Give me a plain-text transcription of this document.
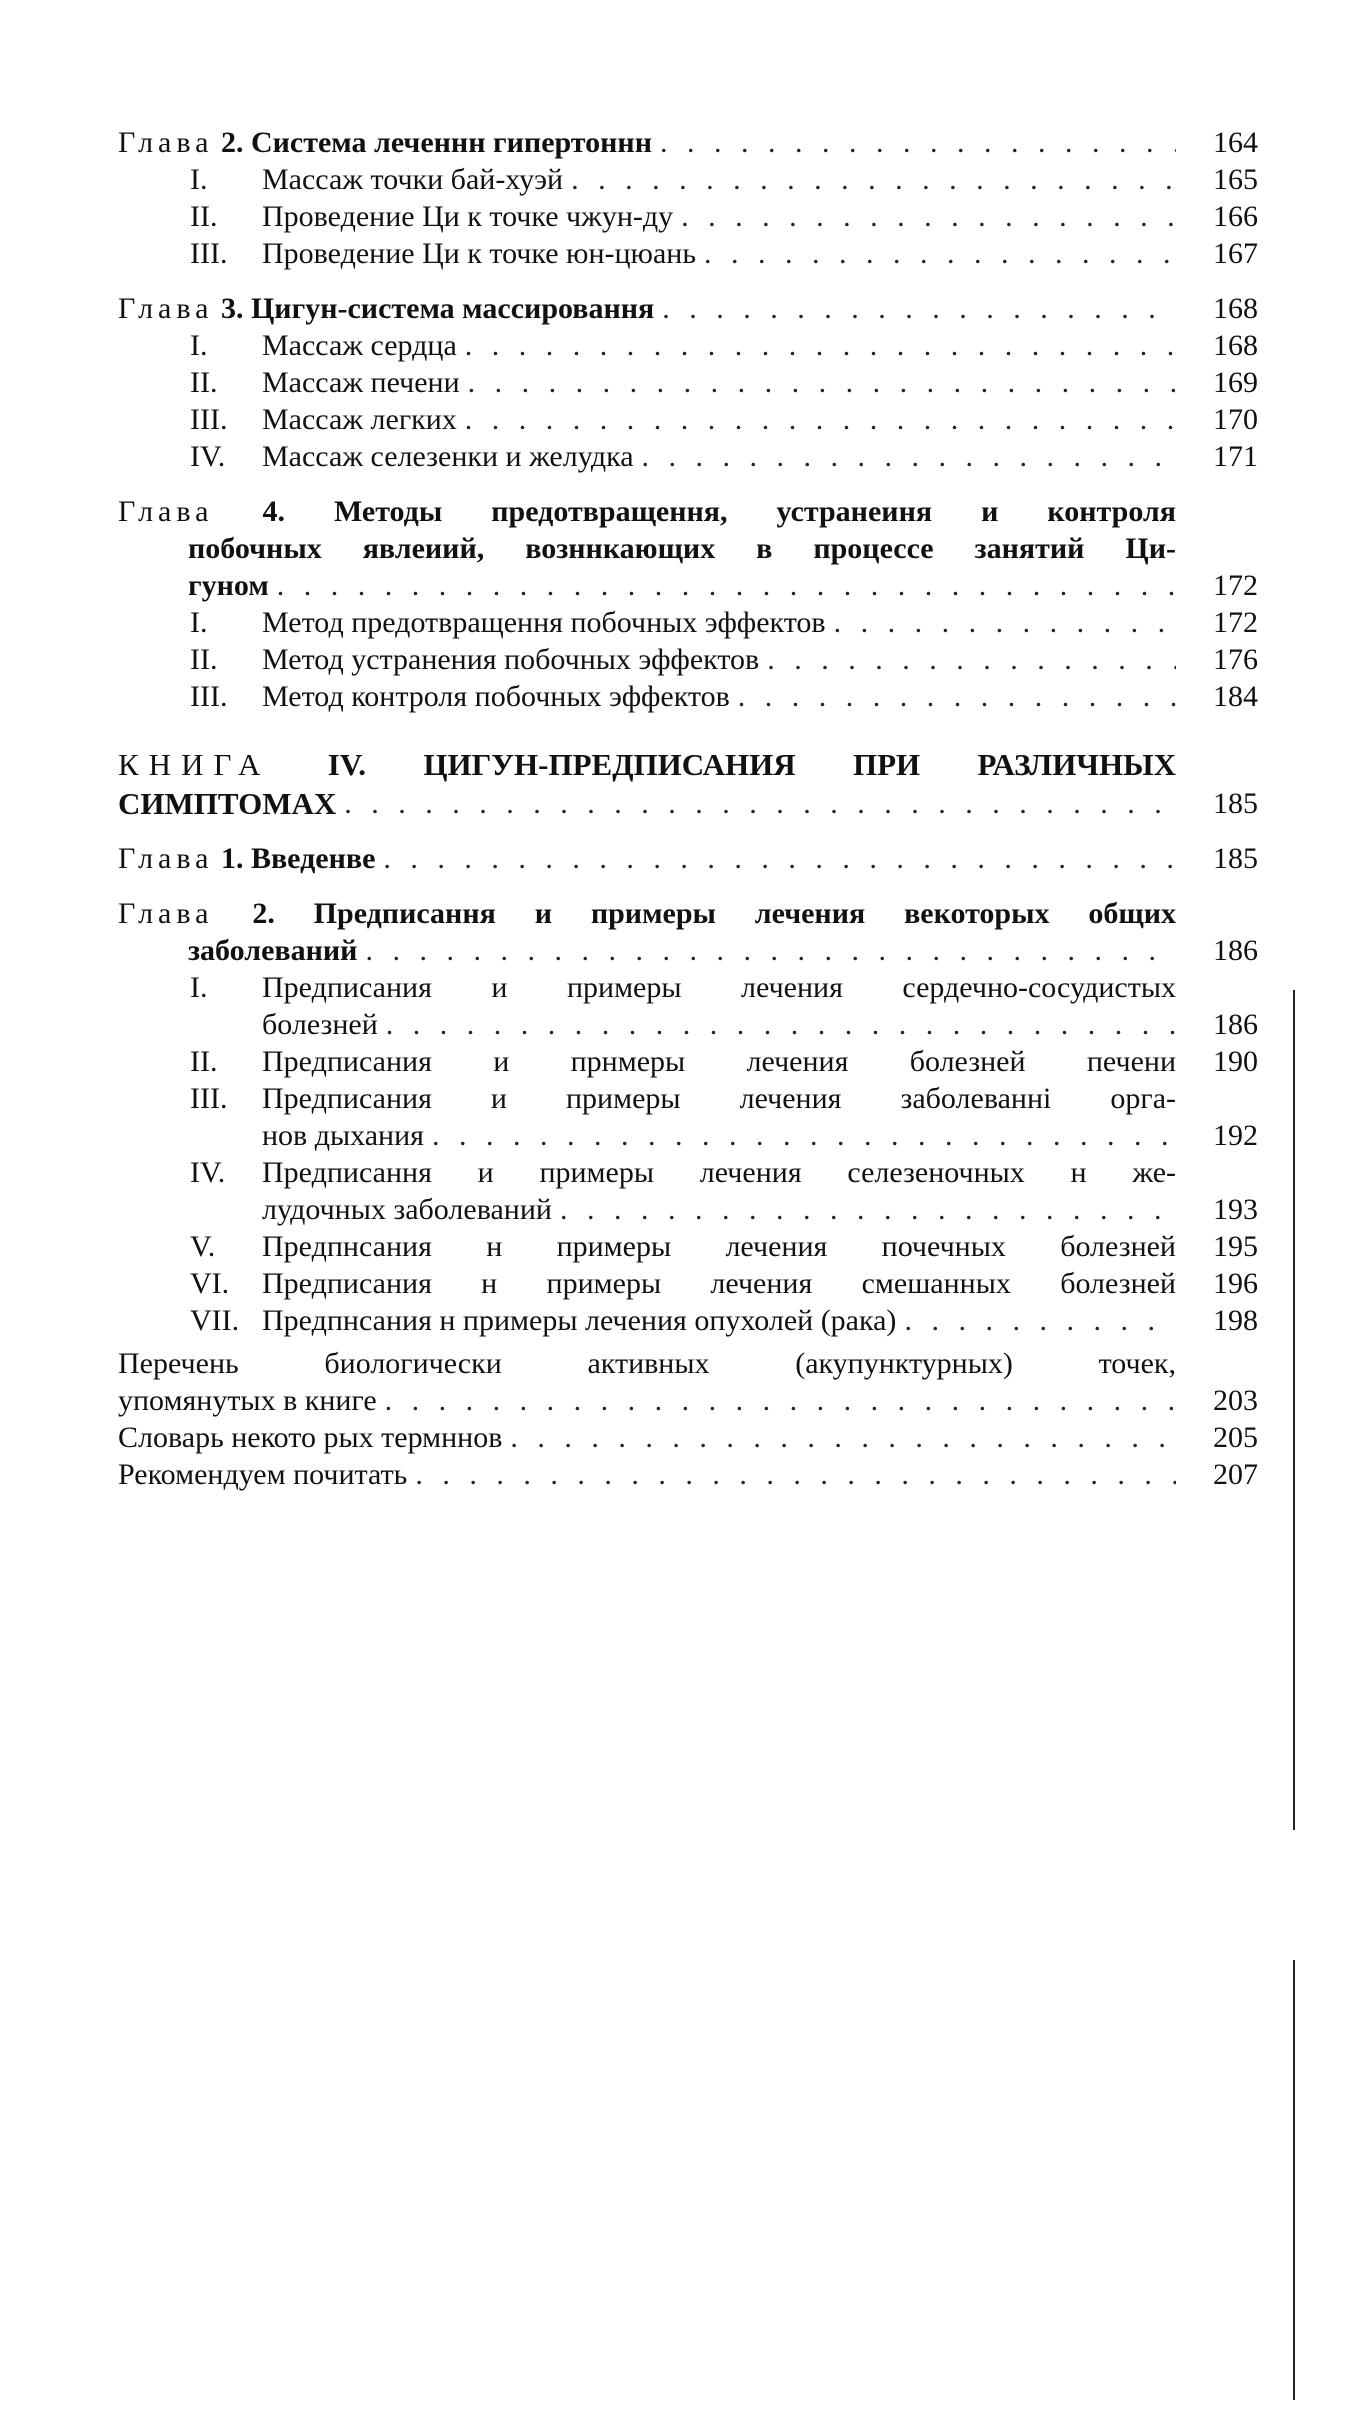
Глава 2. Система леченнн гипертоннн . . .	164
I. Массаж точки бай-хуэй . . .	165
II. Проведение Ци к точке чжун-ду . . .	166
III. Проведение Ци к точке юн-цюань . . .	167
Глава 3. Цигун-система массировання . . .	168
I. Массаж сердца . . .	168
II. Массаж печени . . .	169
III. Массаж легких . . .	170
IV. Массаж селезенки и желудка . . .	171
Глава 4. Методы предотвращення, устранеиня и контроля
побочных явлеиий, возннкающих в процессе занятий Ци-
гуном . . .	172
I. Метод предотвращення побочных эффектов . . .	172
II. Метод устранения побочных эффектов . . .	176
III. Метод контроля побочных эффектов . . .	184
КНИГА IV. ЦИГУН-ПРЕДПИСАНИЯ ПРИ РАЗЛИЧНЫХ
СИМПТОМАХ . . .	185
Глава 1. Введенве . . .	185
Глава 2. Предписання и примеры лечения векоторых общих
заболеваний . . .	186
I.	Предписания и примеры лечения сердечно-сосудистых
болезней . . .	186
II.	Предписания и прнмеры лечения болезней печени	190
III.	Предписания и примеры лечения заболеванні орга-
нов дыхания . . .	192
IV.	Предписання и примеры лечения селезеночных н же-
лудочных заболеваний . . .	193
V.	Предпнсания н примеры лечения почечных болезней	195
VI.	Предписания н примеры лечения смешанных болезней	196
VII. Предпнсания н примеры лечения опухолей (рака) . . .	198
Перечень биологически активных (акупунктурных) точек,
упомянутых в книге . . .	203
Словарь некото рых термннов . . .	205
Рекомендуем почитать . . .	207
